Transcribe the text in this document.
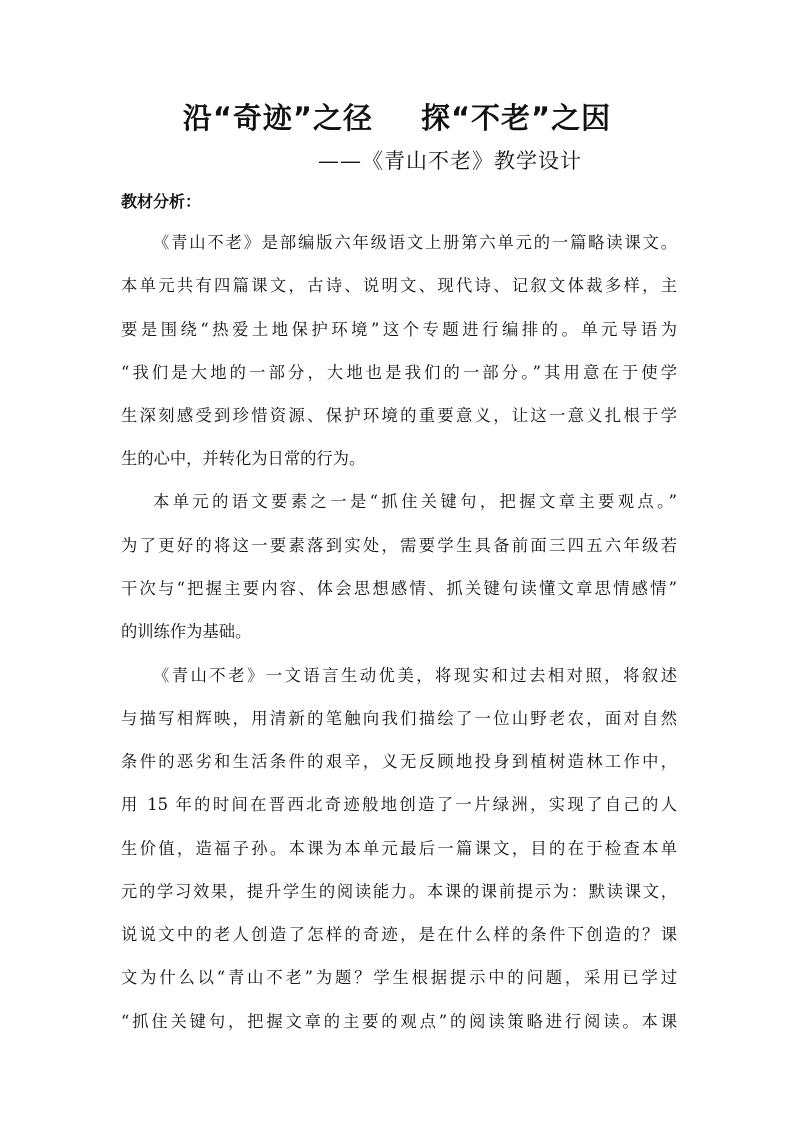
沿“奇迹”之径 探“不老”之因
——《青山不老》教学设计
教材分析：
《青山不老》是部编版六年级语文上册第六单元的一篇略读课文。
本单元共有四篇课文，古诗、说明文、现代诗、记叙文体裁多样，主
要是围绕“热爱土地保护环境”这个专题进行编排的。单元导语为
“我们是大地的一部分，大地也是我们的一部分。”其用意在于使学
生深刻感受到珍惜资源、保护环境的重要意义，让这一意义扎根于学
生的心中，并转化为日常的行为。
本单元的语文要素之一是“抓住关键句，把握文章主要观点。”
为了更好的将这一要素落到实处，需要学生具备前面三四五六年级若
干次与“把握主要内容、体会思想感情、抓关键句读懂文章思情感情”
的训练作为基础。
《青山不老》一文语言生动优美，将现实和过去相对照，将叙述
与描写相辉映，用清新的笔触向我们描绘了一位山野老农，面对自然
条件的恶劣和生活条件的艰辛，义无反顾地投身到植树造林工作中，
用 15 年的时间在晋西北奇迹般地创造了一片绿洲，实现了自己的人
生价值，造福子孙。本课为本单元最后一篇课文，目的在于检查本单
元的学习效果，提升学生的阅读能力。本课的课前提示为：默读课文，
说说文中的老人创造了怎样的奇迹，是在什么样的条件下创造的？课
文为什么以“青山不老”为题？学生根据提示中的问题，采用已学过
“抓住关键句，把握文章的主要的观点”的阅读策略进行阅读。本课
